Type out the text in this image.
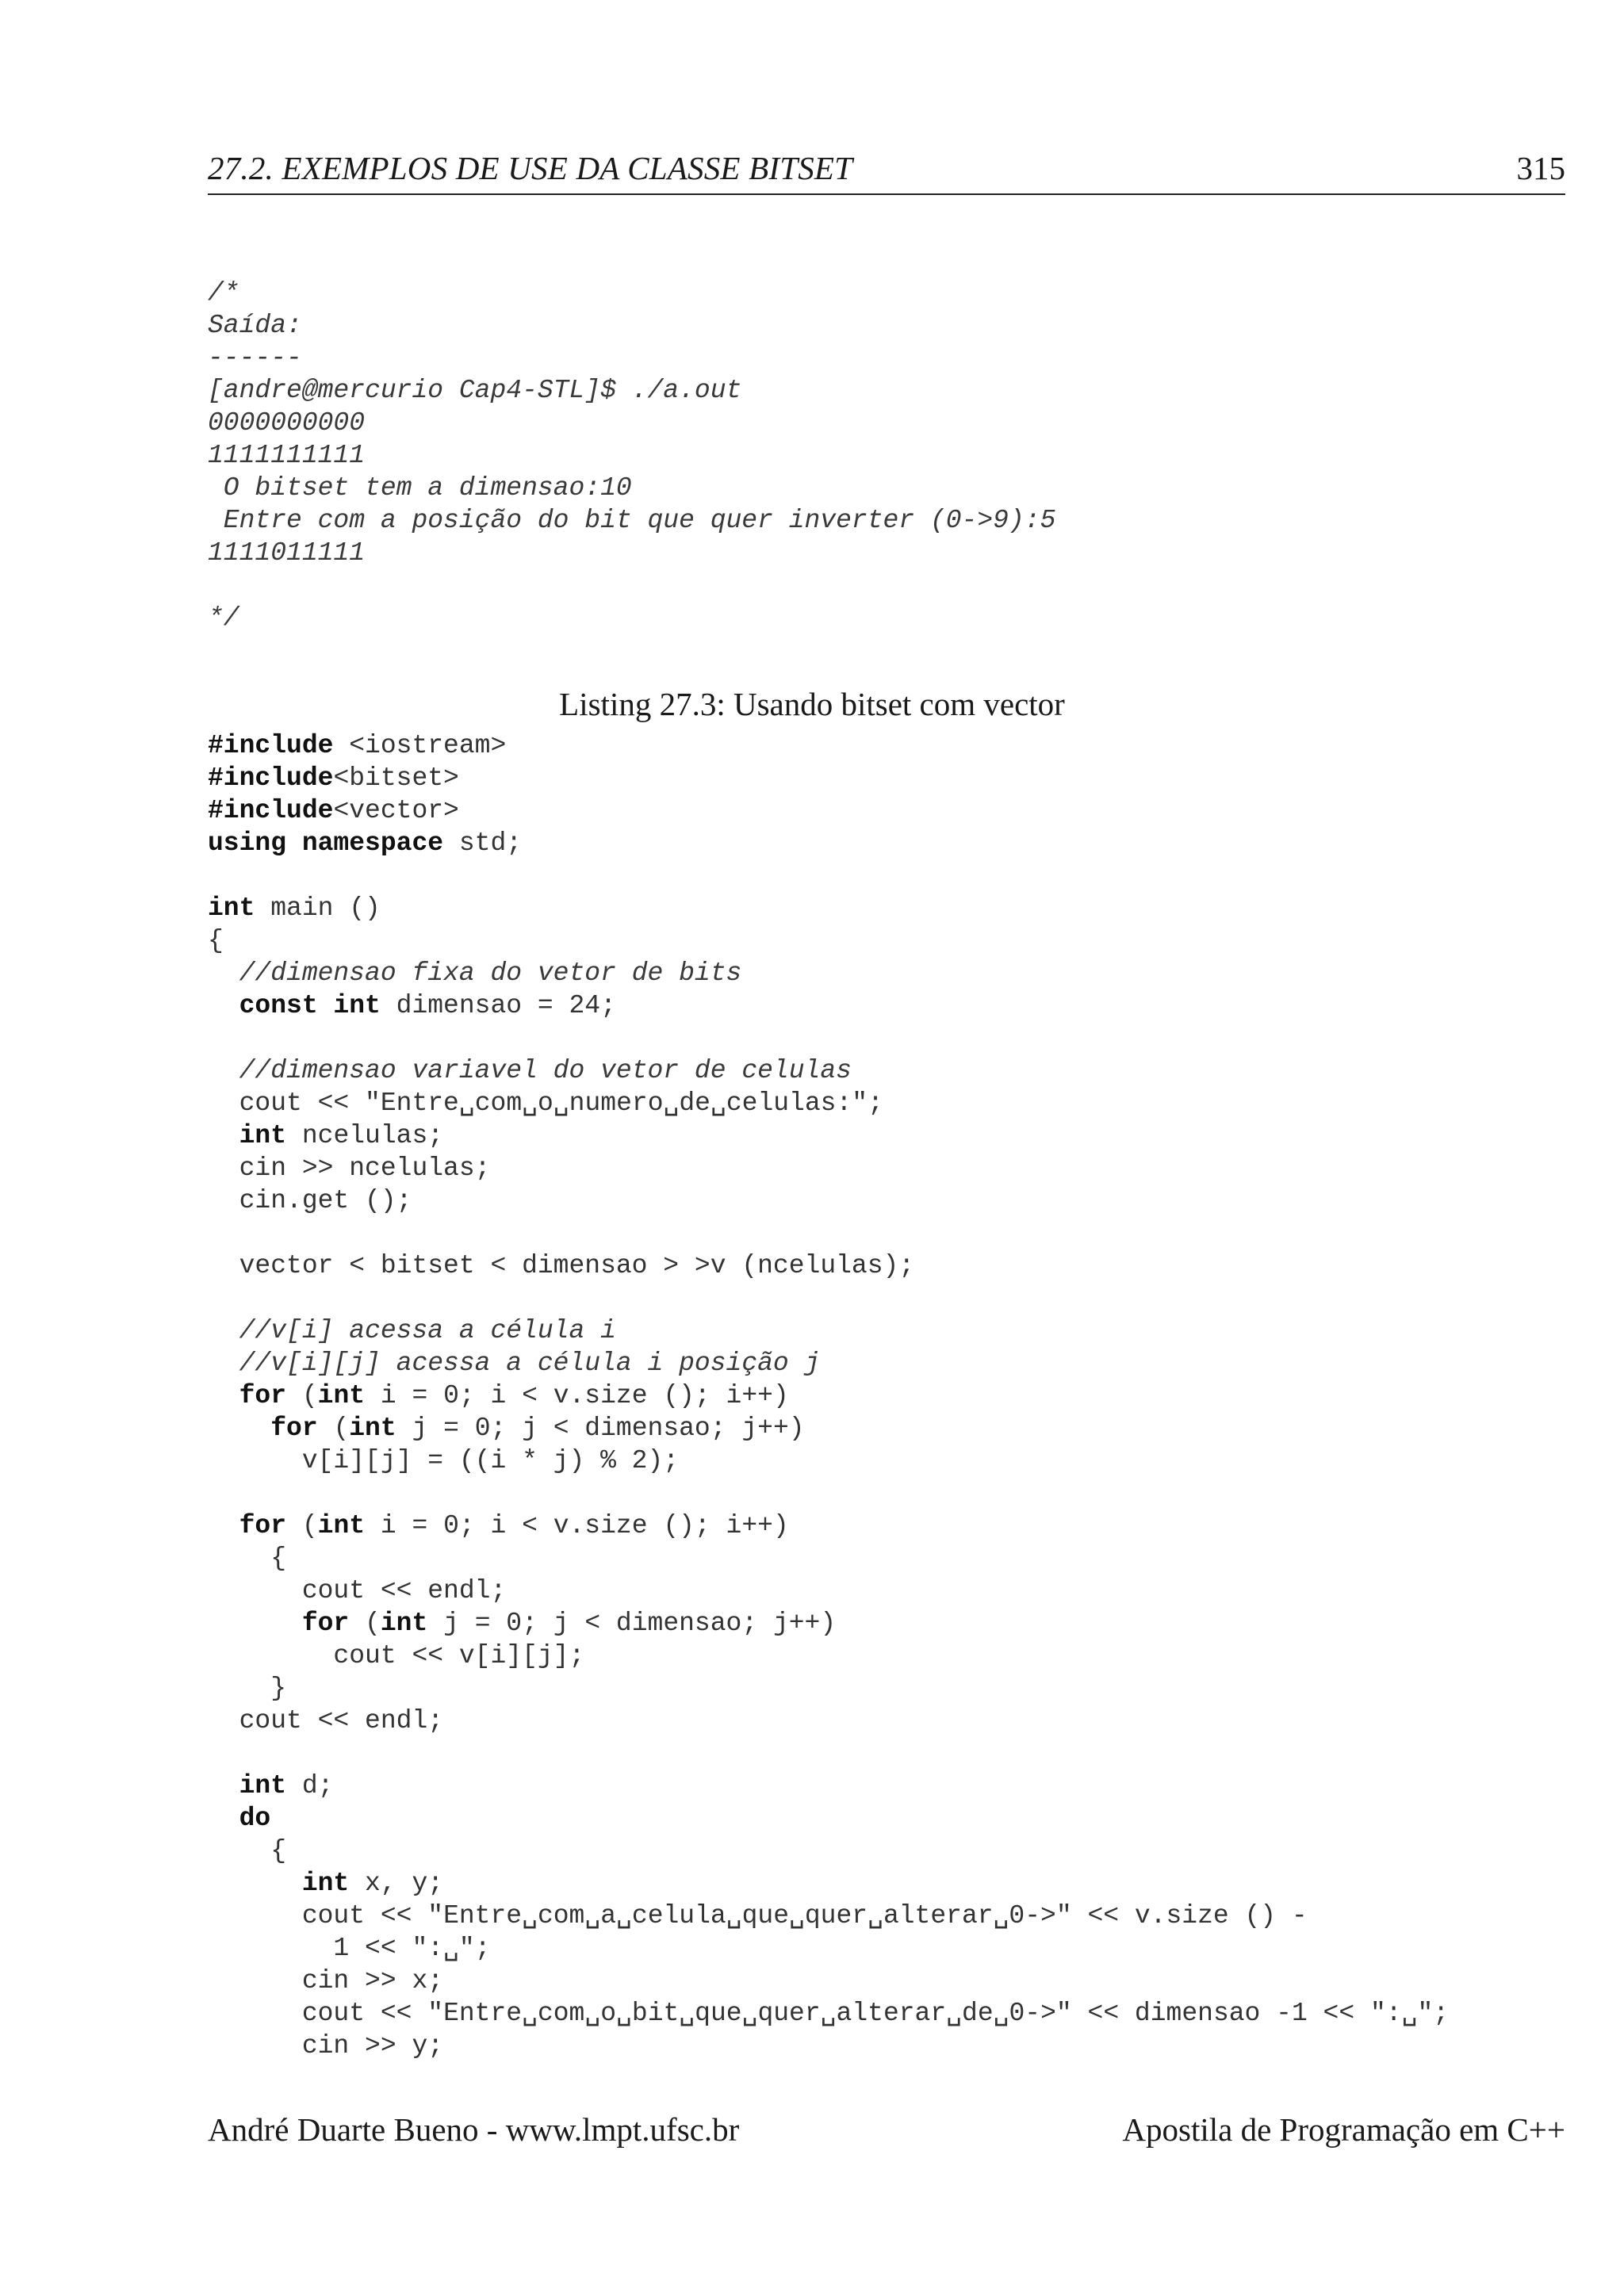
27.2. EXEMPLOS DE USE DA CLASSE BITSET	315
/*
Saída:
------
[andre@mercurio Cap4-STL]$ ./a.out
0000000000
1111111111
O bitset tem a dimensao:10
Entre com a posição do bit que quer inverter (0->9):5
1111011111
*/
Listing 27.3: Usando bitset com vector
#include <iostream>
#include<bitset>
#include<vector>
using namespace std;
int main ()
{
//dimensao fixa do vetor de bits
const int dimensao = 24;
//dimensao variavel do vetor de celulas
cout << "Entre␣com␣o␣numero␣de␣celulas:";
int ncelulas;
cin >> ncelulas;
cin.get ();
vector < bitset < dimensao > >v (ncelulas);
//v[i] acessa a célula i
//v[i][j] acessa a célula i posição j
for (int i = 0; i < v.size (); i++)
for (int j = 0; j < dimensao; j++)
v[i][j] = ((i * j) % 2);
for (int i = 0; i < v.size (); i++)
{
cout << endl;
for (int j = 0; j < dimensao; j++)
cout << v[i][j];
}
cout << endl;
int d;
do
{
int x, y;
cout << "Entre␣com␣a␣celula␣que␣quer␣alterar␣0->" << v.size () -
1 << ":␣";
cin >> x;
cout << "Entre␣com␣o␣bit␣que␣quer␣alterar␣de␣0->" << dimensao -1 << ":␣";
cin >> y;
André Duarte Bueno - www.lmpt.ufsc.br	Apostila de Programação em C++
